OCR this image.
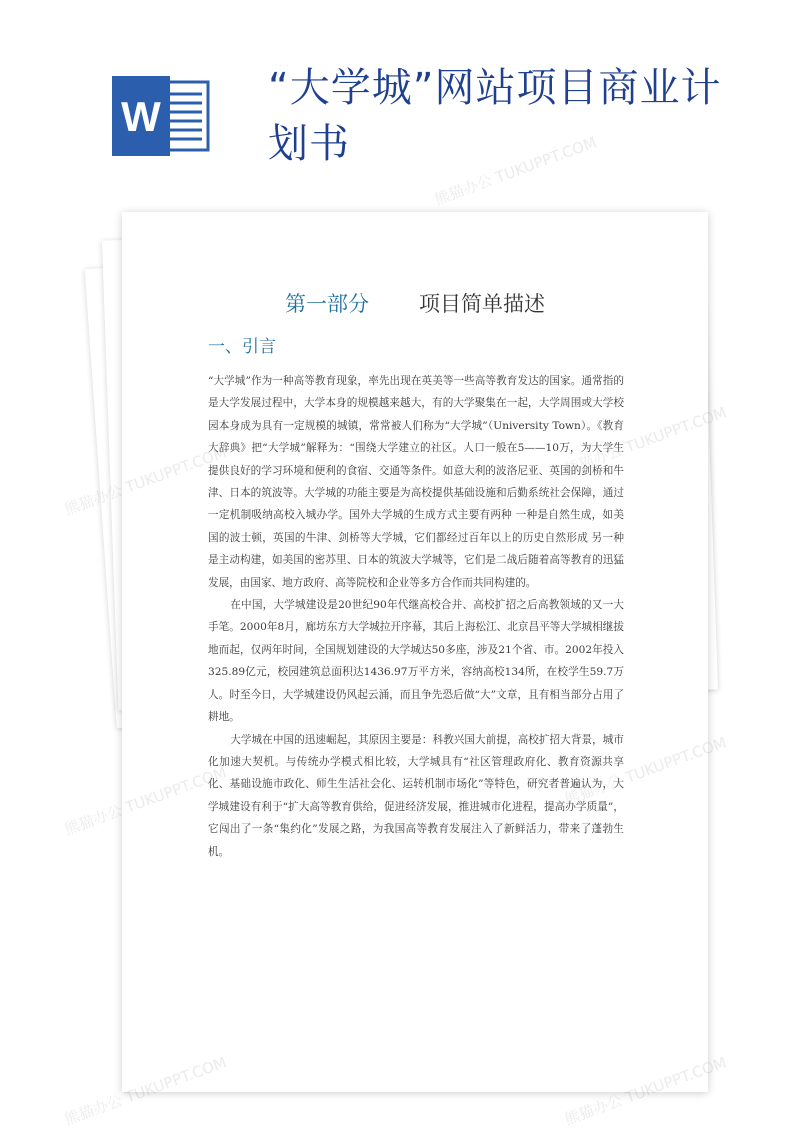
W
“大学城”网站项目商业计划书
第一部分 项目简单描述
一、引言

“大学城”作为一种高等教育现象，率先出现在英美等一些高等教育发达的国家。通常指的是大学发展过程中，大学本身的规模越来越大，有的大学聚集在一起，大学周围或大学校园本身成为具有一定规模的城镇，常常被人们称为“大学城”（University Town）。《教育大辞典》把“大学城”解释为：“围绕大学建立的社区。人口一般在5——10万，为大学生提供良好的学习环境和便利的食宿、交通等条件。如意大利的波洛尼亚、英国的剑桥和牛津、日本的筑波等。大学城的功能主要是为高校提供基础设施和后勤系统社会保障，通过一定机制吸纳高校入城办学。国外大学城的生成方式主要有两种 一种是自然生成，如美国的波士顿，英国的牛津、剑桥等大学城，它们都经过百年以上的历史自然形成 另一种是主动构建，如美国的密苏里、日本的筑波大学城等，它们是二战后随着高等教育的迅猛发展，由国家、地方政府、高等院校和企业等多方合作而共同构建的。

在中国，大学城建设是20世纪90年代继高校合并、高校扩招之后高教领域的又一大手笔。2000年8月，廊坊东方大学城拉开序幕，其后上海松江、北京昌平等大学城相继拔地而起，仅两年时间，全国规划建设的大学城达50多座，涉及21个省、市。2002年投入325.89亿元，校园建筑总面积达1436.97万平方米，容纳高校134所，在校学生59.7万人。时至今日，大学城建设仍风起云涌，而且争先恐后做“大”文章，且有相当部分占用了耕地。

大学城在中国的迅速崛起，其原因主要是：科教兴国大前提，高校扩招大背景，城市化加速大契机。与传统办学模式相比较，大学城具有“社区管理政府化、教育资源共享化、基础设施市政化、师生生活社会化、运转机制市场化”等特色，研究者普遍认为，大学城建设有利于“扩大高等教育供给，促进经济发展，推进城市化进程，提高办学质量”，它闯出了一条“集约化”发展之路，为我国高等教育发展注入了新鲜活力，带来了蓬勃生机。

熊猫办公 TUKUPPT.COM
熊猫办公
熊猫办公
熊猫办公	熊猫办公
